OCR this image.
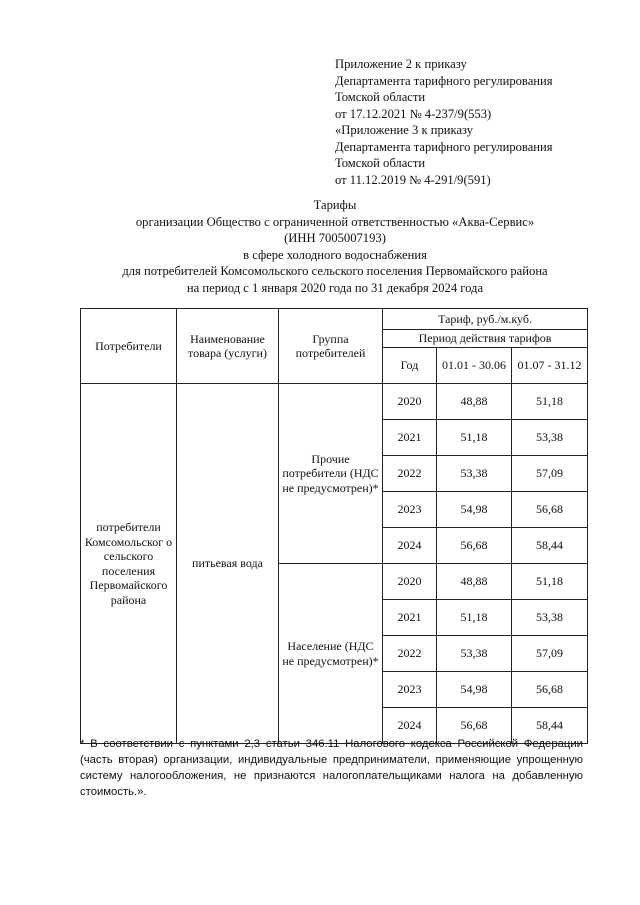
Приложение 2 к приказу
Департамента тарифного регулирования
Томской области
от 17.12.2021 № 4-237/9(553)
«Приложение 3 к приказу
Департамента тарифного регулирования
Томской области
от 11.12.2019 № 4-291/9(591)
Тарифы
организации Общество с ограниченной ответственностью «Аква-Сервис»
(ИНН 7005007193)
в сфере холодного водоснабжения
для потребителей Комсомольского сельского поселения Первомайского района
на период с 1 января 2020 года по 31 декабря 2024 года
Потребители	Наименование товара (услуги)	Группа потребителей	Тариф, руб./м.куб.		
			Период действия тарифов		
			Год	01.01 - 30.06	01.07 - 31.12
потребители Комсомольског о сельского поселения Первомайского района	питьевая вода	Прочие потребители (НДС не предусмотрен)*	2020	48,88	51,18
			2021	51,18	53,38
			2022	53,38	57,09
			2023	54,98	56,68
			2024	56,68	58,44
		Население (НДС не предусмотрен)*	2020	48,88	51,18
			2021	51,18	53,38
			2022	53,38	57,09
			2023	54,98	56,68
			2024	56,68	58,44
* В соответствии с пунктами 2,3 статьи 346.11 Налогового кодекса Российской Федерации (часть вторая) организации, индивидуальные предприниматели, применяющие упрощенную систему налогообложения, не признаются налогоплательщиками налога на добавленную стоимость.».
